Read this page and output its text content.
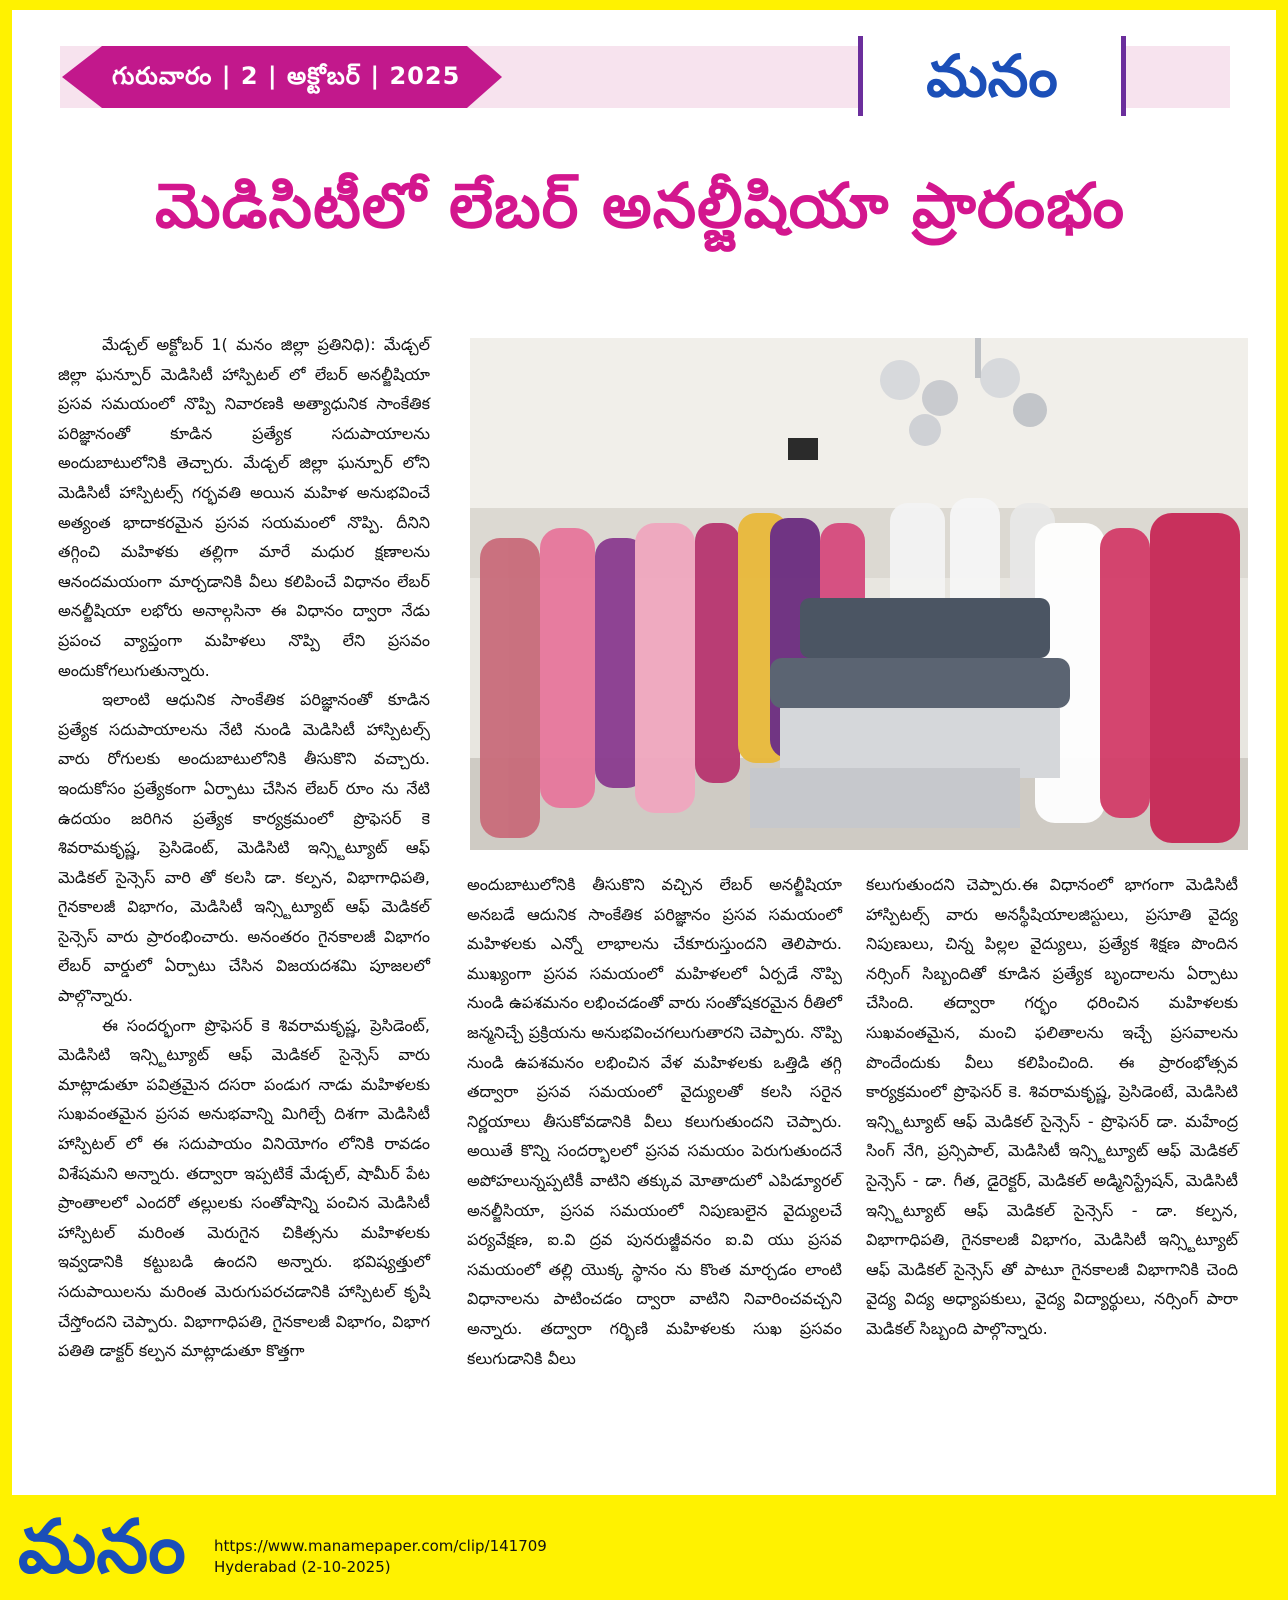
గురువారం | 2 | అక్టోబర్ | 2025	మనం
మెడిసిటీలో లేబర్ అనల్జీషియా ప్రారంభం

మేడ్చల్ అక్టోబర్ 1( మనం జిల్లా ప్రతినిధి): మేడ్చల్ జిల్లా ఘన్పూర్ మెడిసిటీ హాస్పిటల్ లో లేబర్ అనల్జీషియా ప్రసవ సమయంలో నొప్పి నివారణకి అత్యాధునిక సాంకేతిక పరిజ్ఞానంతో కూడిన ప్రత్యేక సదుపాయాలను అందుబాటులోనికి తెచ్చారు. మేడ్చల్ జిల్లా ఘన్పూర్ లోని మెడిసిటీ హాస్పిటల్స్ గర్భవతి అయిన మహిళ అనుభవించే అత్యంత భాదాకరమైన ప్రసవ సయమంలో నొప్పి. దీనిని తగ్గించి మహిళకు తల్లిగా మారే మధుర క్షణాలను ఆనందమయంగా మార్చడానికి వీలు కలిపించే విధానం లేబర్ అనల్జీషియా లభోరు అనాల్గసినా ఈ విధానం ద్వారా నేడు ప్రపంచ వ్యాప్తంగా మహిళలు నొప్పి లేని ప్రసవం అందుకోగలుగుతున్నారు.

ఇలాంటి ఆధునిక సాంకేతిక పరిజ్ఞానంతో కూడిన ప్రత్యేక సదుపాయాలను నేటి నుండి మెడిసిటీ హాస్పిటల్స్ వారు రోగులకు అందుబాటులోనికి తీసుకొని వచ్చారు. ఇందుకోసం ప్రత్యేకంగా ఏర్పాటు చేసిన లేబర్ రూం ను నేటి ఉదయం జరిగిన ప్రత్యేక కార్యక్రమంలో ప్రొఫెసర్ కె శివరామకృష్ణ, ప్రెసిడెంట్, మెడిసిటి ఇన్స్టిట్యూట్ ఆఫ్ మెడికల్ సైన్సెస్ వారి తో కలసి డా. కల్పన, విభాగాధిపతి, గైనకాలజీ విభాగం, మెడిసిటీ ఇన్స్టిట్యూట్ ఆఫ్ మెడికల్ సైన్సెస్ వారు ప్రారంభించారు. అనంతరం గైనకాలజీ విభాగం లేబర్ వార్డులో ఏర్పాటు చేసిన విజయదశమి పూజలలో పాల్గొన్నారు.

ఈ సందర్భంగా ప్రొఫెసర్ కె శివరామకృష్ణ, ప్రెసిడెంట్, మెడిసిటి ఇన్స్టిట్యూట్ ఆఫ్ మెడికల్ సైన్సెస్ వారు మాట్లాడుతూ పవిత్రమైన దసరా పండుగ నాడు మహిళలకు సుఖవంతమైన ప్రసవ అనుభవాన్ని మిగిల్చే దిశగా మెడిసిటీ హాస్పిటల్ లో ఈ సదుపాయం వినియోగం లోనికి రావడం విశేషమని అన్నారు. తద్వారా ఇప్పటికే మేడ్చల్, షామీర్ పేట ప్రాంతాలలో ఎందరో తల్లులకు సంతోషాన్ని పంచిన మెడిసిటీ హాస్పిటల్ మరింత మెరుగైన చికిత్సను మహిళలకు ఇవ్వడానికి కట్టుబడి ఉందని అన్నారు. భవిష్యత్తులో సదుపాయిలను మరింత మెరుగుపరచడానికి హాస్పిటల్ కృషి చేస్తోందని చెప్పారు. విభాగాధిపతి, గైనకాలజీ విభాగం, విభాగ పతితి డాక్టర్ కల్పన మాట్లాడుతూ కొత్తగా

అందుబాటులోనికి తీసుకొని వచ్చిన లేబర్ అనల్జీషియా అనబడే ఆదునిక సాంకేతిక పరిజ్ఞానం ప్రసవ సమయంలో మహిళలకు ఎన్నో లాభాలను చేకూరుస్తుందని తెలిపారు. ముఖ్యంగా ప్రసవ సమయంలో మహిళలలో ఏర్పడే నొప్పి నుండి ఉపశమనం లభించడంతో వారు సంతోషకరమైన రీతిలో జన్మనిచ్చే ప్రక్రియను అనుభవించగలుగుతారని చెప్పారు. నొప్పి నుండి ఉపశమనం లభించిన వేళ మహిళలకు ఒత్తిడి తగ్గి తద్వారా ప్రసవ సమయంలో వైద్యులతో కలసి సరైన నిర్ణయాలు తీసుకోవడానికి వీలు కలుగుతుందని చెప్పారు. అయితే కొన్ని సందర్భాలలో ప్రసవ సమయం పెరుగుతుందనే అపోహలున్నప్పటికీ వాటిని తక్కువ మోతాదులో ఎపిడ్యూరల్ అనల్జీసియా, ప్రసవ సమయంలో నిపుణులైన వైద్యులచే పర్యవేక్షణ, ఐ.వి ద్రవ పునరుజ్జీవనం ఐ.వి యు ప్రసవ సమయంలో తల్లి యొక్క స్థానం ను కొంత మార్చడం లాంటి విధానాలను పాటించడం ద్వారా వాటిని నివారించవచ్చని అన్నారు. తద్వారా గర్భిణి మహిళలకు సుఖ ప్రసవం కలుగుడానికి వీలు

కలుగుతుందని చెప్పారు.ఈ విధానంలో భాగంగా మెడిసిటీ హాస్పిటల్స్ వారు అనస్థీషియాలజిస్టులు, ప్రసూతి వైద్య నిపుణులు, చిన్న పిల్లల వైద్యులు, ప్రత్యేక శిక్షణ పొందిన నర్సింగ్ సిబ్బందితో కూడిన ప్రత్యేక బృందాలను ఏర్పాటు చేసింది. తద్వారా గర్భం ధరించిన మహిళలకు సుఖవంతమైన, మంచి ఫలితాలను ఇచ్చే ప్రసవాలను పొందేందుకు వీలు కలిపించింది. ఈ ప్రారంభోత్సవ కార్యక్రమంలో ప్రొఫెసర్ కె. శివరామకృష్ణ, ప్రెసిడెంటే, మెడిసిటి ఇన్స్టిట్యూట్ ఆఫ్ మెడికల్ సైన్సెస్ - ప్రొఫెసర్ డా. మహేంద్ర సింగ్ నేగి, ప్రన్సిపాల్, మెడిసిటీ ఇన్స్టిట్యూట్ ఆఫ్ మెడికల్ సైన్సెస్ - డా. గీత, డైరెక్టర్, మెడికల్ అడ్మినిస్ట్రేషన్, మెడిసిటీ ఇన్స్టిట్యూట్ ఆఫ్ మెడికల్ సైన్సెస్ - డా. కల్పన, విభాగాధిపతి, గైనకాలజీ విభాగం, మెడిసిటీ ఇన్స్టిట్యూట్ ఆఫ్ మెడికల్ సైన్సెస్ తో పాటూ గైనకాలజీ విభాగానికి చెంది వైద్య విద్య అధ్యాపకులు, వైద్య విద్యార్థులు, నర్సింగ్ పారా మెడికల్ సిబ్బంది పాల్గొన్నారు.

మనం https://www.manamepaper.com/clip/141709
Hyderabad (2-10-2025)
